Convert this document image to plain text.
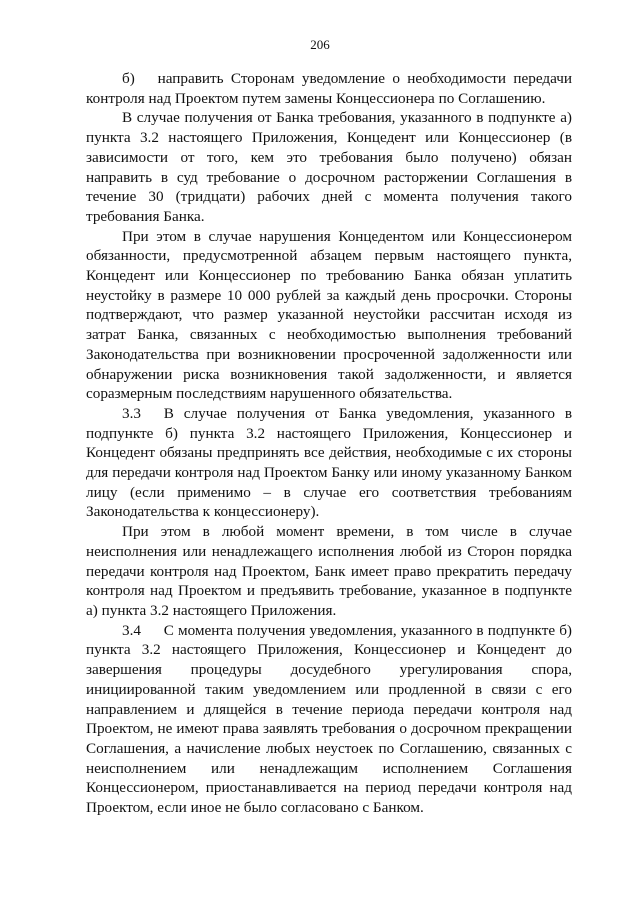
206

б)  направить Сторонам уведомление о необходимости передачи контроля над Проектом путем замены Концессионера по Соглашению.

В случае получения от Банка требования, указанного в подпункте а) пункта 3.2 настоящего Приложения, Концедент или Концессионер (в зависимости от того, кем это требования было получено) обязан направить в суд требование о досрочном расторжении Соглашения в течение 30 (тридцати) рабочих дней с момента получения такого требования Банка.

При этом в случае нарушения Концедентом или Концессионером обязанности, предусмотренной абзацем первым настоящего пункта, Концедент или Концессионер по требованию Банка обязан уплатить неустойку в размере 10 000 рублей за каждый день просрочки. Стороны подтверждают, что размер указанной неустойки рассчитан исходя из затрат Банка, связанных с необходимостью выполнения требований Законодательства при возникновении просроченной задолженности или обнаружении риска возникновения такой задолженности, и является соразмерным последствиям нарушенного обязательства.

3.3  В случае получения от Банка уведомления, указанного в подпункте б) пункта 3.2 настоящего Приложения, Концессионер и Концедент обязаны предпринять все действия, необходимые с их стороны для передачи контроля над Проектом Банку или иному указанному Банком лицу (если применимо – в случае его соответствия требованиям Законодательства к концессионеру).

При этом в любой момент времени, в том числе в случае неисполнения или ненадлежащего исполнения любой из Сторон порядка передачи контроля над Проектом, Банк имеет право прекратить передачу контроля над Проектом и предъявить требование, указанное в подпункте а) пункта 3.2 настоящего Приложения.

3.4  С момента получения уведомления, указанного в подпункте б) пункта 3.2 настоящего Приложения, Концессионер и Концедент до завершения процедуры досудебного урегулирования спора, инициированной таким уведомлением или продленной в связи с его направлением и длящейся в течение периода передачи контроля над Проектом, не имеют права заявлять требования о досрочном прекращении Соглашения, а начисление любых неустоек по Соглашению, связанных с неисполнением или ненадлежащим исполнением Соглашения Концессионером, приостанавливается на период передачи контроля над Проектом, если иное не было согласовано с Банком.
